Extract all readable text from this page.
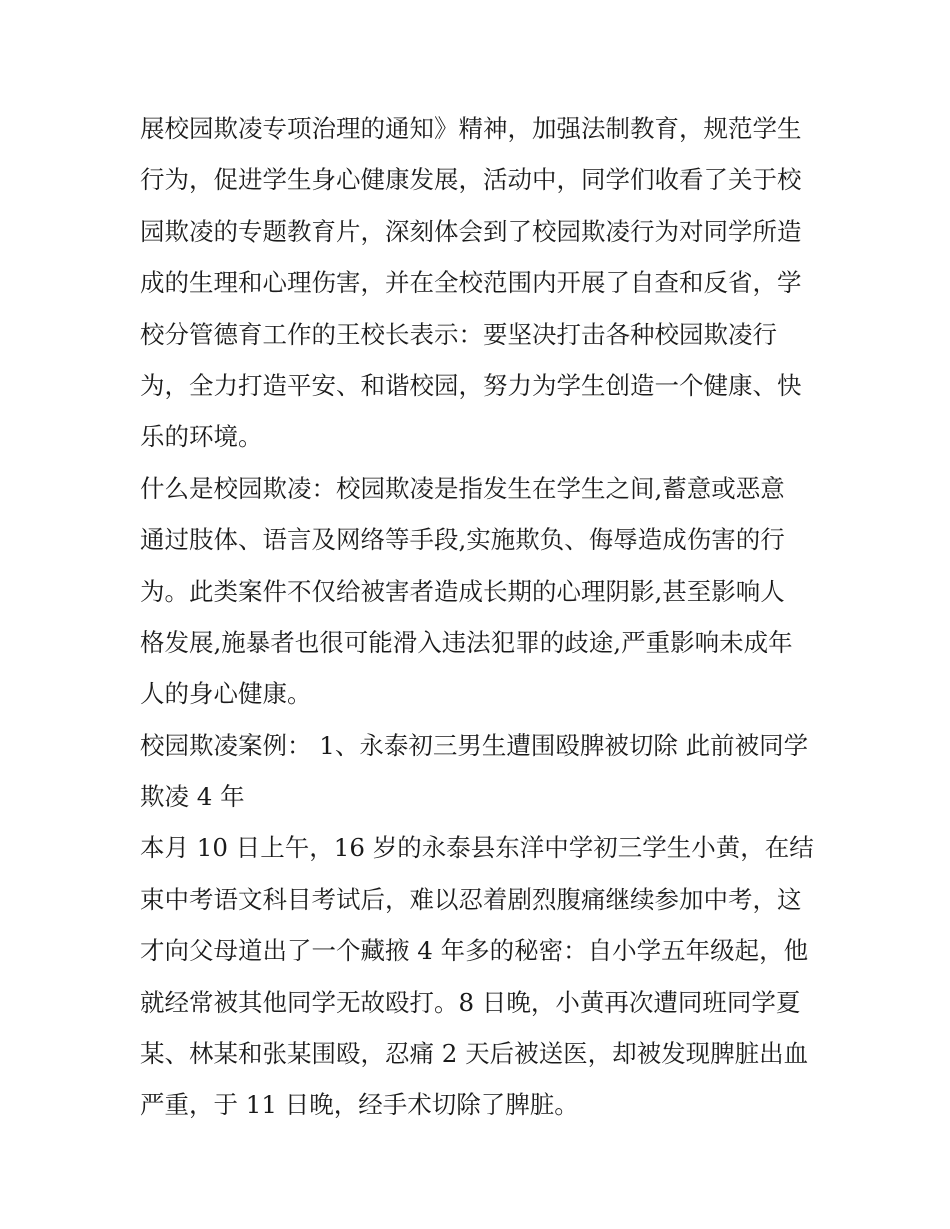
展校园欺凌专项治理的通知》精神，加强法制教育，规范学生
行为，促进学生身心健康发展，活动中，同学们收看了关于校
园欺凌的专题教育片，深刻体会到了校园欺凌行为对同学所造
成的生理和心理伤害，并在全校范围内开展了自查和反省，学
校分管德育工作的王校长表示：要坚决打击各种校园欺凌行
为，全力打造平安、和谐校园，努力为学生创造一个健康、快
乐的环境。
什么是校园欺凌：校园欺凌是指发生在学生之间,蓄意或恶意
通过肢体、语言及网络等手段,实施欺负、侮辱造成伤害的行
为。此类案件不仅给被害者造成长期的心理阴影,甚至影响人
格发展,施暴者也很可能滑入违法犯罪的歧途,严重影响未成年
人的身心健康。
校园欺凌案例： 1、永泰初三男生遭围殴脾被切除 此前被同学
欺凌 4 年
本月 10 日上午，16 岁的永泰县东洋中学初三学生小黄，在结
束中考语文科目考试后，难以忍着剧烈腹痛继续参加中考，这
才向父母道出了一个藏掖 4 年多的秘密：自小学五年级起，他
就经常被其他同学无故殴打。8 日晚，小黄再次遭同班同学夏
某、林某和张某围殴，忍痛 2 天后被送医，却被发现脾脏出血
严重，于 11 日晚，经手术切除了脾脏。
